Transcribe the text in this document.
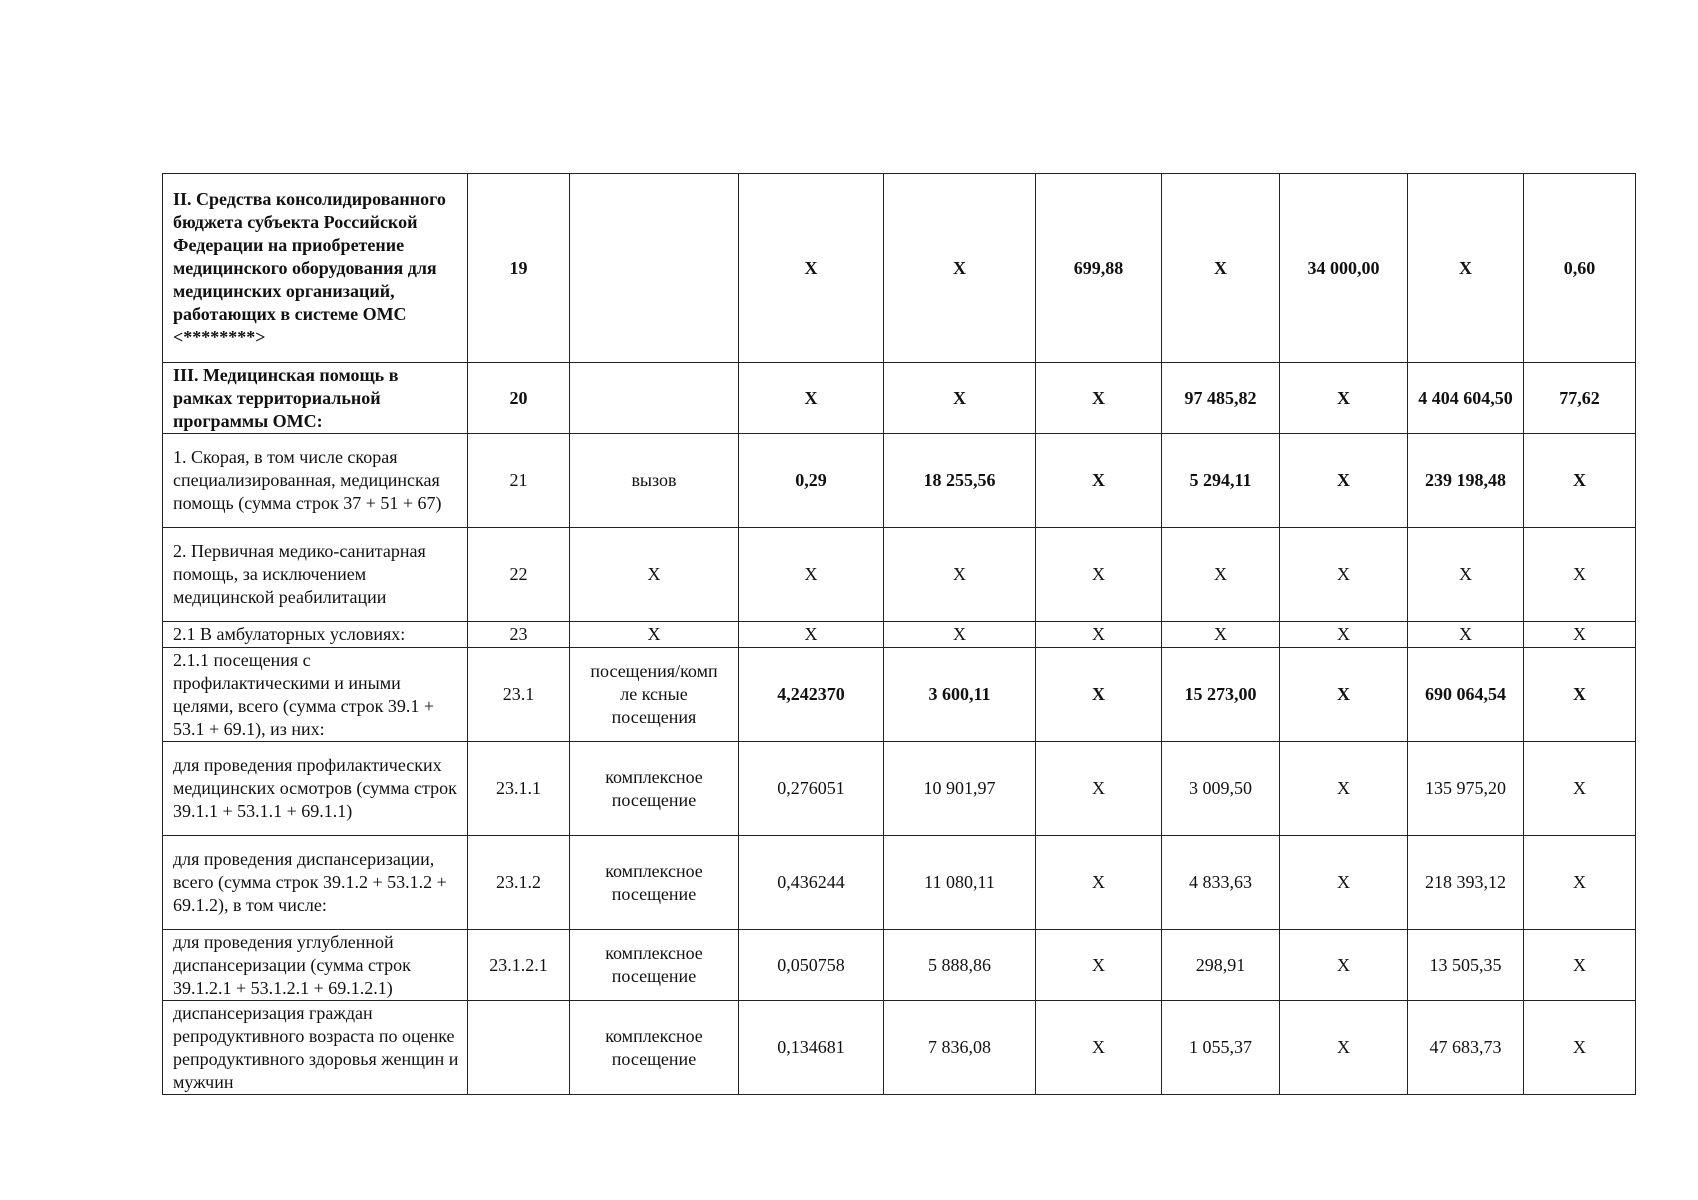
II. Средства консолидированного бюджета субъекта Российской Федерации на приобретение медицинского оборудования для медицинских организаций, работающих в системе ОМС <********>	19		X	X	699,88	X	34 000,00	X	0,60
III. Медицинская помощь в рамках территориальной программы ОМС:	20		X	X	X	97 485,82	X	4 404 604,50	77,62
1. Скорая, в том числе скорая специализированная, медицинская помощь (сумма строк 37 + 51 + 67)	21	вызов	0,29	18 255,56	X	5 294,11	X	239 198,48	X
2. Первичная медико-санитарная помощь, за исключением медицинской реабилитации	22	X	X	X	X	X	X	X	X
2.1 В амбулаторных условиях:	23	X	X	X	X	X	X	X	X
2.1.1 посещения с профилактическими и иными целями, всего (сумма строк 39.1 + 53.1 + 69.1), из них:	23.1	посещения/комп ле ксные посещения	4,242370	3 600,11	X	15 273,00	X	690 064,54	X
для проведения профилактических медицинских осмотров (сумма строк 39.1.1 + 53.1.1 + 69.1.1)	23.1.1	комплексное посещение	0,276051	10 901,97	X	3 009,50	X	135 975,20	X
для проведения диспансеризации, всего (сумма строк 39.1.2 + 53.1.2 + 69.1.2), в том числе:	23.1.2	комплексное посещение	0,436244	11 080,11	X	4 833,63	X	218 393,12	X
для проведения углубленной диспансеризации (сумма строк 39.1.2.1 + 53.1.2.1 + 69.1.2.1)	23.1.2.1	комплексное посещение	0,050758	5 888,86	X	298,91	X	13 505,35	X
диспансеризация граждан репродуктивного возраста по оценке репродуктивного здоровья женщин и мужчин		комплексное посещение	0,134681	7 836,08	X	1 055,37	X	47 683,73	X
